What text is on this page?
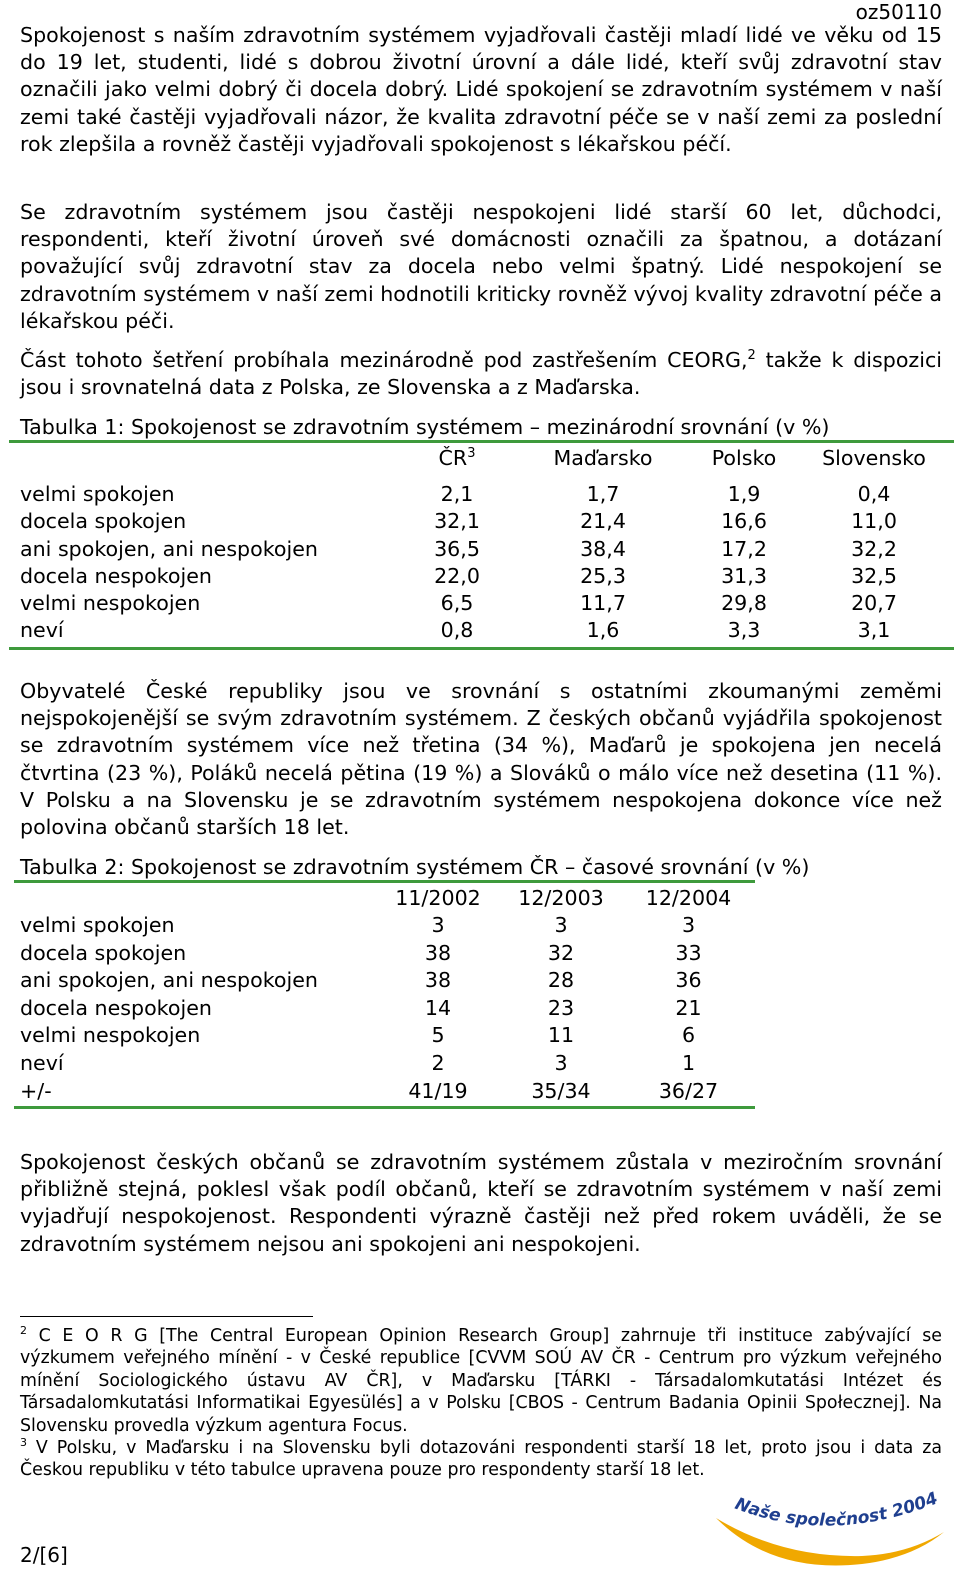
oz50110

Spokojenost s naším zdravotním systémem vyjadřovali častěji mladí lidé ve věku od 15 do 19 let, studenti, lidé s dobrou životní úrovní a dále lidé, kteří svůj zdravotní stav označili jako velmi dobrý či docela dobrý. Lidé spokojení se zdravotním systémem v naší zemi také častěji vyjadřovali názor, že kvalita zdravotní péče se v naší zemi za poslední rok zlepšila a rovněž častěji vyjadřovali spokojenost s lékařskou péčí.

Se zdravotním systémem jsou častěji nespokojeni lidé starší 60 let, důchodci, respondenti, kteří životní úroveň své domácnosti označili za špatnou, a dotázaní považující svůj zdravotní stav za docela nebo velmi špatný. Lidé nespokojení se zdravotním systémem v naší zemi hodnotili kriticky rovněž vývoj kvality zdravotní péče a lékařskou péči.

Část tohoto šetření probíhala mezinárodně pod zastřešením CEORG,$^2$ takže k dispozici jsou i srovnatelná data z Polska, ze Slovenska a z Maďarska.

Tabulka 1: Spokojenost se zdravotním systémem – mezinárodní srovnání (v %)
	$ČR^3$	Maďarsko	Polsko	Slovensko
velmi spokojen	2,1	1,7	1,9	0,4
docela spokojen	32,1	21,4	16,6	11,0
ani spokojen, ani nespokojen	36,5	38,4	17,2	32,2
docela nespokojen	22,0	25,3	31,3	32,5
velmi nespokojen	6,5	11,7	29,8	20,7
neví	0,8	1,6	3,3	3,1

Obyvatelé České republiky jsou ve srovnání s ostatními zkoumanými zeměmi nejspokojenější se svým zdravotním systémem. Z českých občanů vyjádřila spokojenost se zdravotním systémem více než třetina (34 %), Maďarů je spokojena jen necelá čtvrtina (23 %), Poláků necelá pětina (19 %) a Slováků o málo více než desetina (11 %). V Polsku a na Slovensku je se zdravotním systémem nespokojena dokonce více než polovina občanů starších 18 let.

Tabulka 2: Spokojenost se zdravotním systémem ČR – časové srovnání (v %)
	11/2002	12/2003	12/2004
velmi spokojen	3	3	3
docela spokojen	38	32	33
ani spokojen, ani nespokojen	38	28	36
docela nespokojen	14	23	21
velmi nespokojen	5	11	6
neví	2	3	1
+/-	41/19	35/34	36/27

Spokojenost českých občanů se zdravotním systémem zůstala v meziročním srovnání přibližně stejná, poklesl však podíl občanů, kteří se zdravotním systémem v naší zemi vyjadřují nespokojenost. Respondenti výrazně častěji než před rokem uváděli, že se zdravotním systémem nejsou ani spokojeni ani nespokojeni.

$^2$ C E O R G [The Central European Opinion Research Group] zahrnuje tři instituce zabývající se výzkumem veřejného mínění - v České republice [CVVM SOÚ AV ČR - Centrum pro výzkum veřejného mínění Sociologického ústavu AV ČR], v Maďarsku [TÁRKI - Társadalomkutatási Intézet és Társadalomkutatási Informatikai Egyesülés] a v Polsku [CBOS - Centrum Badania Opinii Społecznej]. Na Slovensku provedla výzkum agentura Focus.

$^3$ V Polsku, v Maďarsku i na Slovensku byli dotazováni respondenti starší 18 let, proto jsou i data za Českou republiku v této tabulce upravena pouze pro respondenty starší 18 let.

2/[6]
Naše společnost 2004
